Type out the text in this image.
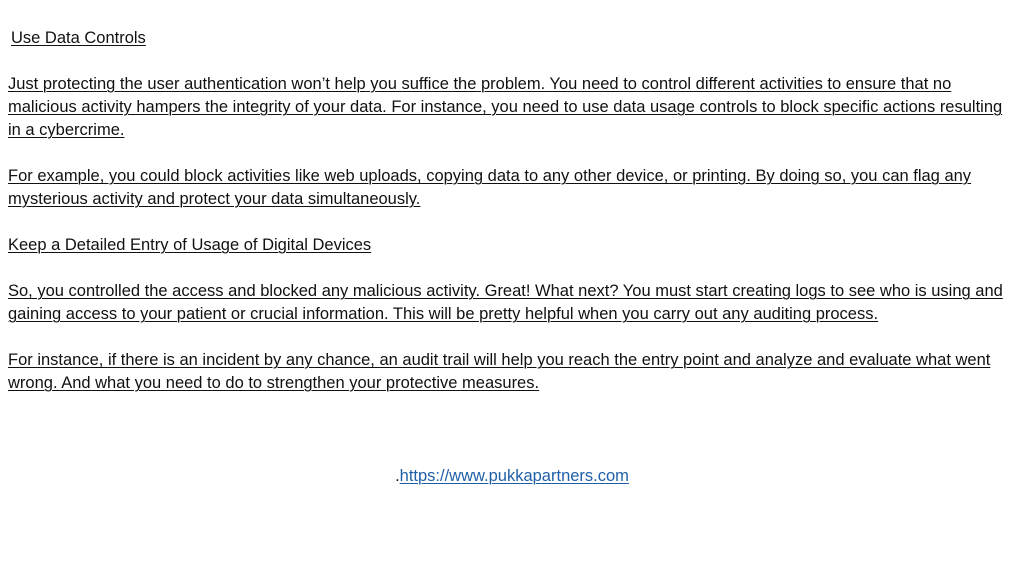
Use Data Controls

Just protecting the user authentication won’t help you suffice the problem. You need to control different activities to ensure that no malicious activity hampers the integrity of your data. For instance, you need to use data usage controls to block specific actions resulting in a cybercrime.

For example, you could block activities like web uploads, copying data to any other device, or printing. By doing so, you can flag any mysterious activity and protect your data simultaneously.

Keep a Detailed Entry of Usage of Digital Devices

So, you controlled the access and blocked any malicious activity. Great! What next? You must start creating logs to see who is using and gaining access to your patient or crucial information. This will be pretty helpful when you carry out any auditing process.

For instance, if there is an incident by any chance, an audit trail will help you reach the entry point and analyze and evaluate what went wrong. And what you need to do to strengthen your protective measures.

.https://www.pukkapartners.com
